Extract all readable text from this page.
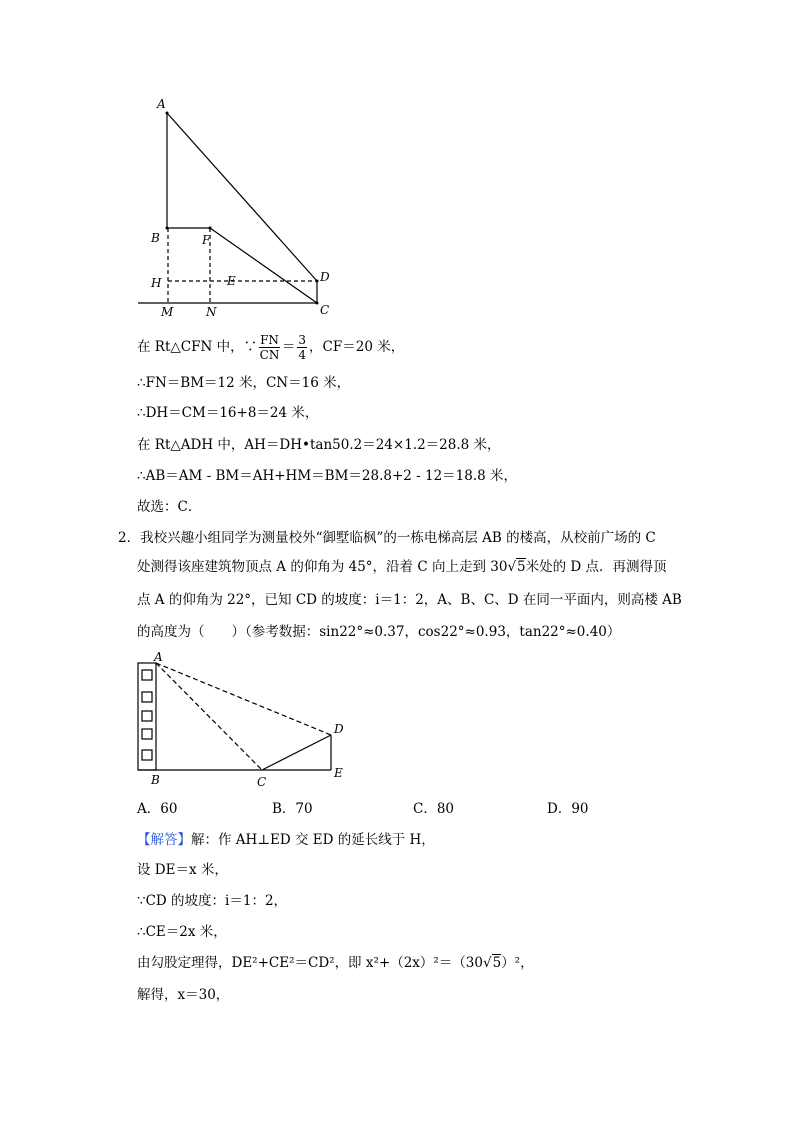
A
B	F
H	E	D
M	N	C
在 Rt△CFN 中，∵ $\frac{FN}{CN} = \frac{3}{4}$ ，CF＝20 米，
∴FN＝BM＝12 米，CN＝16 米，
∴DH＝CM＝16+8＝24 米，
在 Rt△ADH 中，AH＝DH•tan50.2＝24×1.2＝28.8 米，
∴AB＝AM - BM＝AH+HM＝BM＝28.8+2 - 12＝18.8 米，
故选：C．
2．我校兴趣小组同学为测量校外“御墅临枫”的一栋电梯高层 AB 的楼高，从校前广场的 C
处测得该座建筑物顶点 A 的仰角为 45°，沿着 C 向上走到 30√5米处的 D 点．再测得顶
点 A 的仰角为 22°，已知 CD 的坡度：i＝1：2，A、B、C、D 在同一平面内，则高楼 AB
的高度为（　　）（参考数据：sin22°≈0.37，cos22°≈0.93，tan22°≈0.40）
A
B	C
D
E
A．60	B．70	C．80	D．90
【解答】解：作 AH⊥ED 交 ED 的延长线于 H，
设 DE＝x 米，
∵CD 的坡度：i＝1：2，
∴CE＝2x 米，
由勾股定理得，DE²+CE²＝CD²，即 x²+（2x）²＝（30√5）²，
解得，x＝30，
